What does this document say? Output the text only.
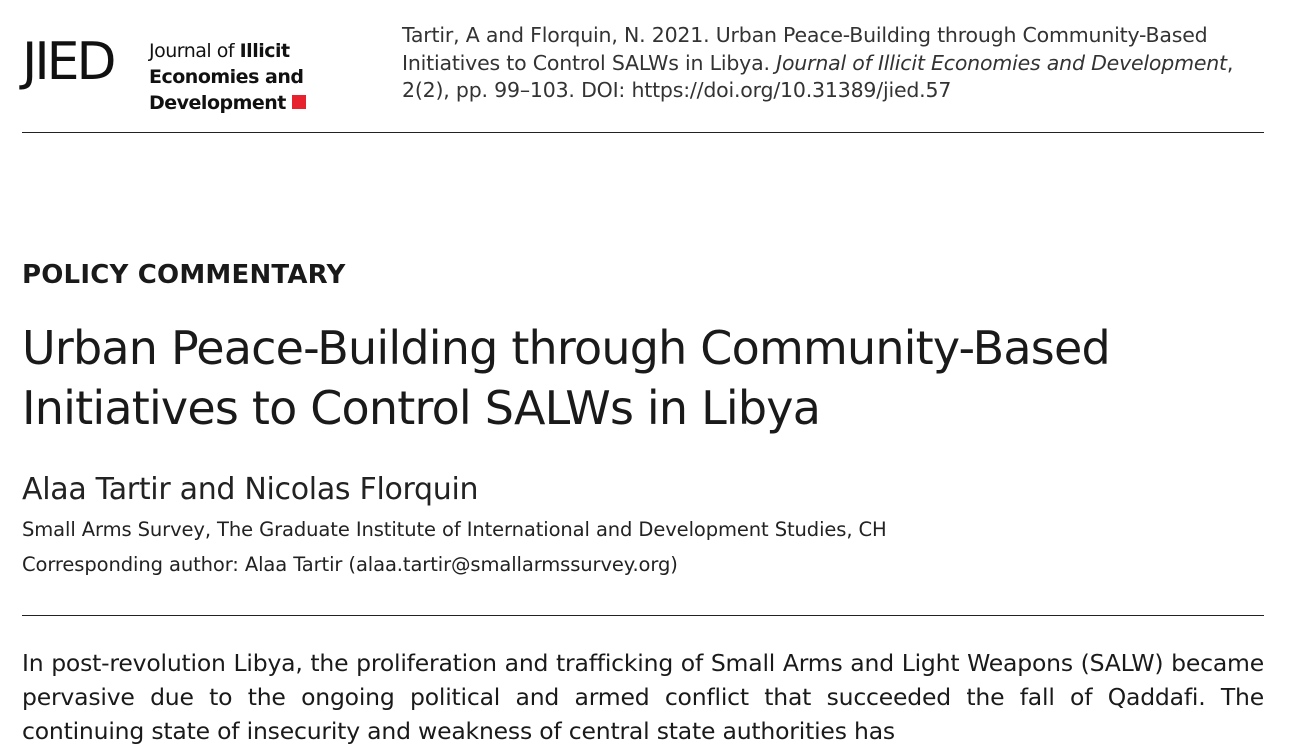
JIED Journal of Illicit
Economies and
Development
Tartir, A and Florquin, N. 2021. Urban Peace-Building through Community-Based Initiatives to Control SALWs in Libya. Journal of Illicit Economies and Development, 2(2), pp. 99–103. DOI: https://doi.org/10.31389/jied.57
POLICY COMMENTARY
Urban Peace-Building through Community-Based Initiatives to Control SALWs in Libya
Alaa Tartir and Nicolas Florquin
Small Arms Survey, The Graduate Institute of International and Development Studies, CH
Corresponding author: Alaa Tartir (alaa.tartir@smallarmssurvey.org)
In post-revolution Libya, the proliferation and trafficking of Small Arms and Light Weapons (SALW) became pervasive due to the ongoing political and armed conflict that succeeded the fall of Qaddafi. The continuing state of insecurity and weakness of central state authorities has
